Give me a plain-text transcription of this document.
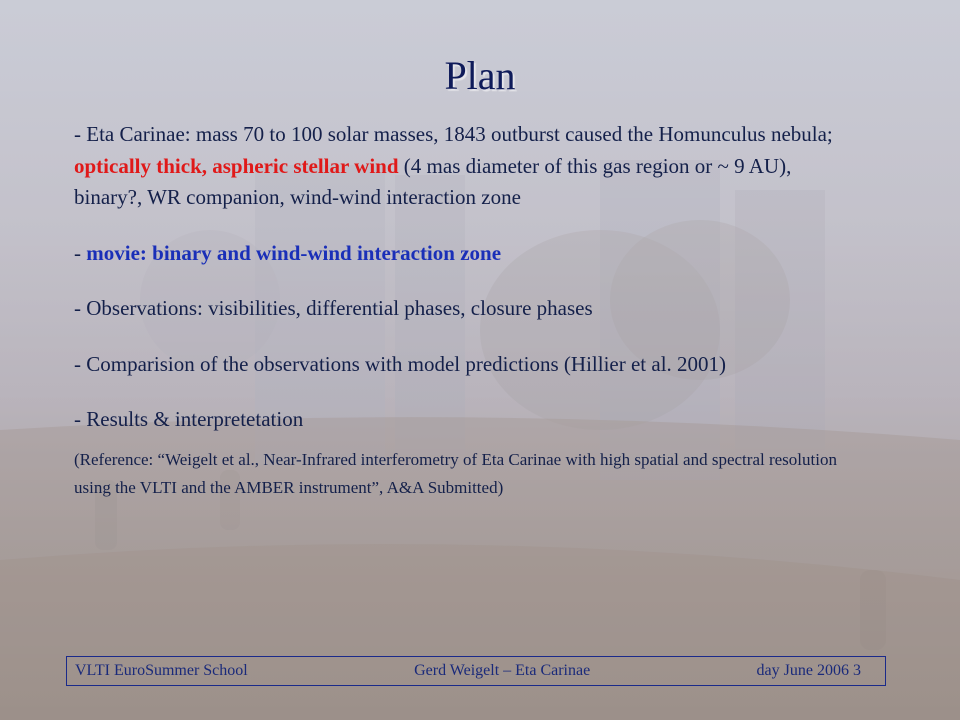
Plan

- Eta Carinae: mass 70 to 100 solar masses, 1843 outburst caused the Homunculus nebula; optically thick, aspheric stellar wind (4 mas diameter of this gas region or ~ 9 AU), binary?, WR companion, wind-wind interaction zone

- movie: binary and wind-wind interaction zone

- Observations: visibilities, differential phases, closure phases

- Comparision of the observations with model predictions (Hillier et al. 2001)

- Results & interpretetation

(Reference: “Weigelt et al., Near-Infrared interferometry of Eta Carinae with high spatial and spectral resolution using the VLTI and the AMBER instrument”, A&A Submitted)

VLTI EuroSummer School	Gerd Weigelt – Eta Carinae	day June 2006 3
